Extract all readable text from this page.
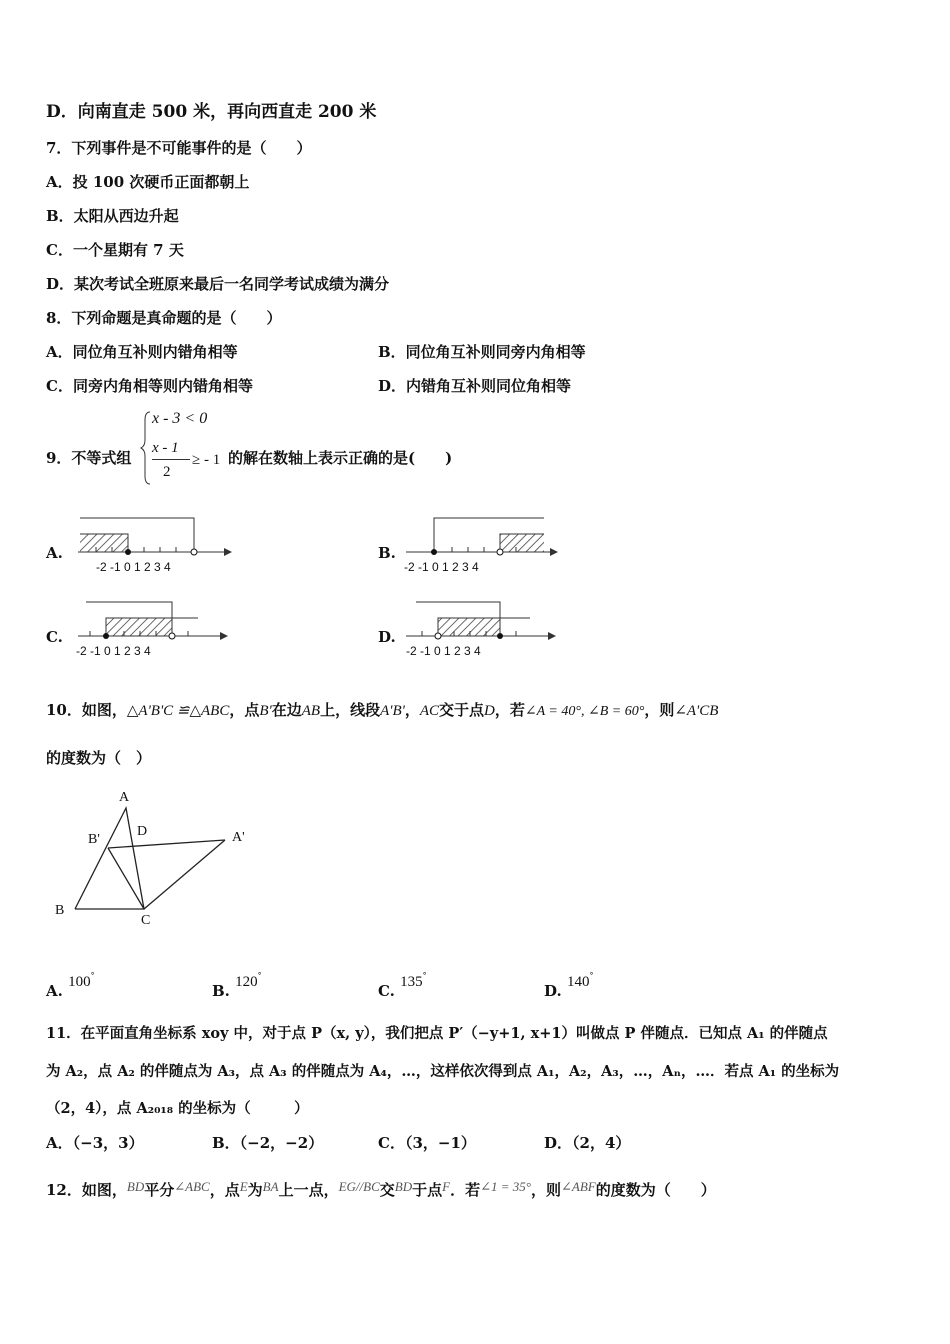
D．向南直走 500 米，再向西直走 200 米
7．下列事件是不可能事件的是（　　）
A．投 100 次硬币正面都朝上
B．太阳从西边升起
C．一个星期有 7 天
D．某次考试全班原来最后一名同学考试成绩为满分
8．下列命题是真命题的是（　　）
A．同位角互补则内错角相等	B．同位角互补则同旁内角相等
C．同旁内角相等则内错角相等	D．内错角互补则同位角相等
9．不等式组
x - 3 < 0
x - 1
2
≥ - 1 的解在数轴上表示正确的是(　　)
A.
-2 -1 0 1 2 3 4
B.
-2 -1 0 1 2 3 4
C.
-2 -1 0 1 2 3 4
D.
-2 -1 0 1 2 3 4
10．如图，△A'B'C ≌△ABC，点B'在边AB上，线段A'B'，AC交于点D，若∠A = 40°, ∠B = 60°，则∠A'CB
的度数为（　）
A
B'
D	A'
B
C
A. 100°
B. 120°
C. 135°
D. 140°
11．在平面直角坐标系 xoy 中，对于点 P（x, y），我们把点 P′（−y+1, x+1）叫做点 P 伴随点．已知点 A₁ 的伴随点
为 A₂，点 A₂ 的伴随点为 A₃，点 A₃ 的伴随点为 A₄，…，这样依次得到点 A₁，A₂，A₃，…，Aₙ，…．若点 A₁ 的坐标为
（2，4），点 A₂₀₁₈ 的坐标为（　　　）
A．（−3，3）	B．（−2，−2）	C．（3，−1）	D．（2，4）
12．如图，BD平分∠ABC，点E为BA上一点，EG//BC交BD于点F．若∠1 = 35°，则∠ABF的度数为（　　）
